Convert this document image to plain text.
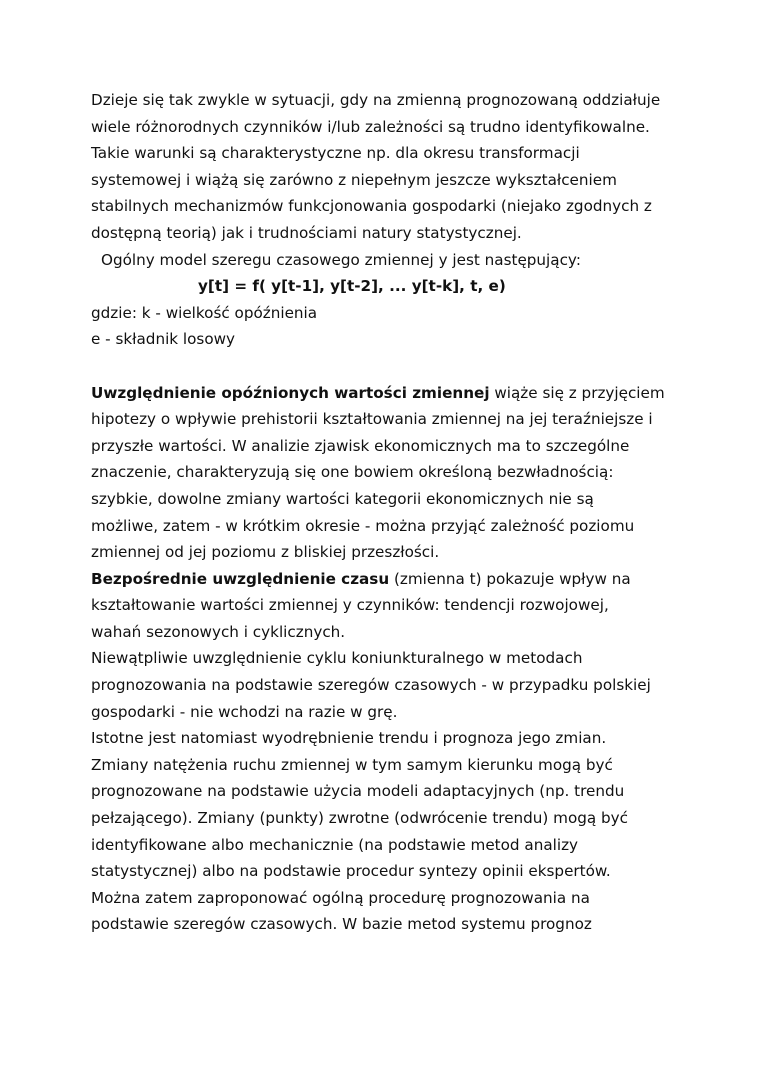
Dzieje się tak zwykle w sytuacji, gdy na zmienną prognozowaną oddziałuje
wiele różnorodnych czynników i/lub zależności są trudno identyfikowalne.
Takie warunki są charakterystyczne np. dla okresu transformacji
systemowej i wiążą się zarówno z niepełnym jeszcze wykształceniem
stabilnych mechanizmów funkcjonowania gospodarki (niejako zgodnych z
dostępną teorią) jak i trudnościami natury statystycznej.
Ogólny model szeregu czasowego zmiennej y jest następujący:
y[t] = f( y[t-1], y[t-2], ... y[t-k], t, e)
gdzie: k - wielkość opóźnienia
e - składnik losowy
Uwzględnienie opóźnionych wartości zmiennej wiąże się z przyjęciem
hipotezy o wpływie prehistorii kształtowania zmiennej na jej teraźniejsze i
przyszłe wartości. W analizie zjawisk ekonomicznych ma to szczególne
znaczenie, charakteryzują się one bowiem określoną bezwładnością:
szybkie, dowolne zmiany wartości kategorii ekonomicznych nie są
możliwe, zatem - w krótkim okresie - można przyjąć zależność poziomu
zmiennej od jej poziomu z bliskiej przeszłości.
Bezpośrednie uwzględnienie czasu (zmienna t) pokazuje wpływ na
kształtowanie wartości zmiennej y czynników: tendencji rozwojowej,
wahań sezonowych i cyklicznych.
Niewątpliwie uwzględnienie cyklu koniunkturalnego w metodach
prognozowania na podstawie szeregów czasowych - w przypadku polskiej
gospodarki - nie wchodzi na razie w grę.
Istotne jest natomiast wyodrębnienie trendu i prognoza jego zmian.
Zmiany natężenia ruchu zmiennej w tym samym kierunku mogą być
prognozowane na podstawie użycia modeli adaptacyjnych (np. trendu
pełzającego). Zmiany (punkty) zwrotne (odwrócenie trendu) mogą być
identyfikowane albo mechanicznie (na podstawie metod analizy
statystycznej) albo na podstawie procedur syntezy opinii ekspertów.
Można zatem zaproponować ogólną procedurę prognozowania na
podstawie szeregów czasowych. W bazie metod systemu prognoz
